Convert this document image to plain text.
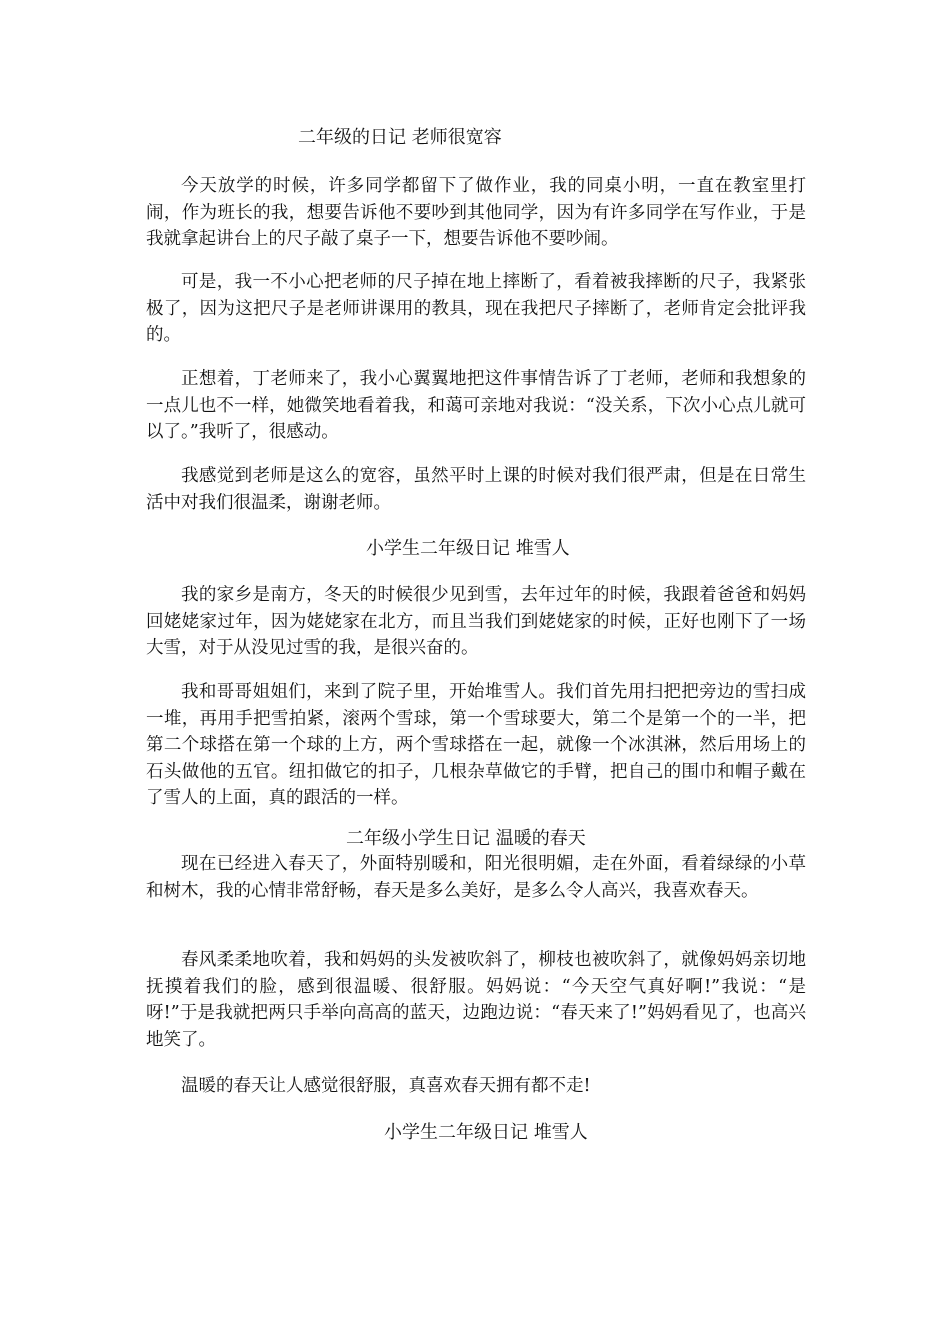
二年级的日记 老师很宽容

今天放学的时候，许多同学都留下了做作业，我的同桌小明，一直在教室里打闹，作为班长的我，想要告诉他不要吵到其他同学，因为有许多同学在写作业，于是我就拿起讲台上的尺子敲了桌子一下，想要告诉他不要吵闹。

可是，我一不小心把老师的尺子掉在地上摔断了，看着被我摔断的尺子，我紧张极了，因为这把尺子是老师讲课用的教具，现在我把尺子摔断了，老师肯定会批评我的。

正想着，丁老师来了，我小心翼翼地把这件事情告诉了丁老师，老师和我想象的一点儿也不一样，她微笑地看着我，和蔼可亲地对我说：“没关系，下次小心点儿就可以了。”我听了，很感动。

我感觉到老师是这么的宽容，虽然平时上课的时候对我们很严肃，但是在日常生活中对我们很温柔，谢谢老师。

小学生二年级日记 堆雪人

我的家乡是南方，冬天的时候很少见到雪，去年过年的时候，我跟着爸爸和妈妈回姥姥家过年，因为姥姥家在北方，而且当我们到姥姥家的时候，正好也刚下了一场大雪，对于从没见过雪的我，是很兴奋的。

我和哥哥姐姐们，来到了院子里，开始堆雪人。我们首先用扫把把旁边的雪扫成一堆，再用手把雪拍紧，滚两个雪球，第一个雪球要大，第二个是第一个的一半，把第二个球搭在第一个球的上方，两个雪球搭在一起，就像一个冰淇淋，然后用场上的石头做他的五官。纽扣做它的扣子，几根杂草做它的手臂，把自己的围巾和帽子戴在了雪人的上面，真的跟活的一样。

二年级小学生日记 温暖的春天

现在已经进入春天了，外面特别暖和，阳光很明媚，走在外面，看着绿绿的小草和树木，我的心情非常舒畅，春天是多么美好，是多么令人高兴，我喜欢春天。

春风柔柔地吹着，我和妈妈的头发被吹斜了，柳枝也被吹斜了，就像妈妈亲切地抚摸着我们的脸，感到很温暖、很舒服。妈妈说：“今天空气真好啊!”我说：“是呀!”于是我就把两只手举向高高的蓝天，边跑边说：“春天来了!”妈妈看见了，也高兴地笑了。

温暖的春天让人感觉很舒服，真喜欢春天拥有都不走!

小学生二年级日记 堆雪人
